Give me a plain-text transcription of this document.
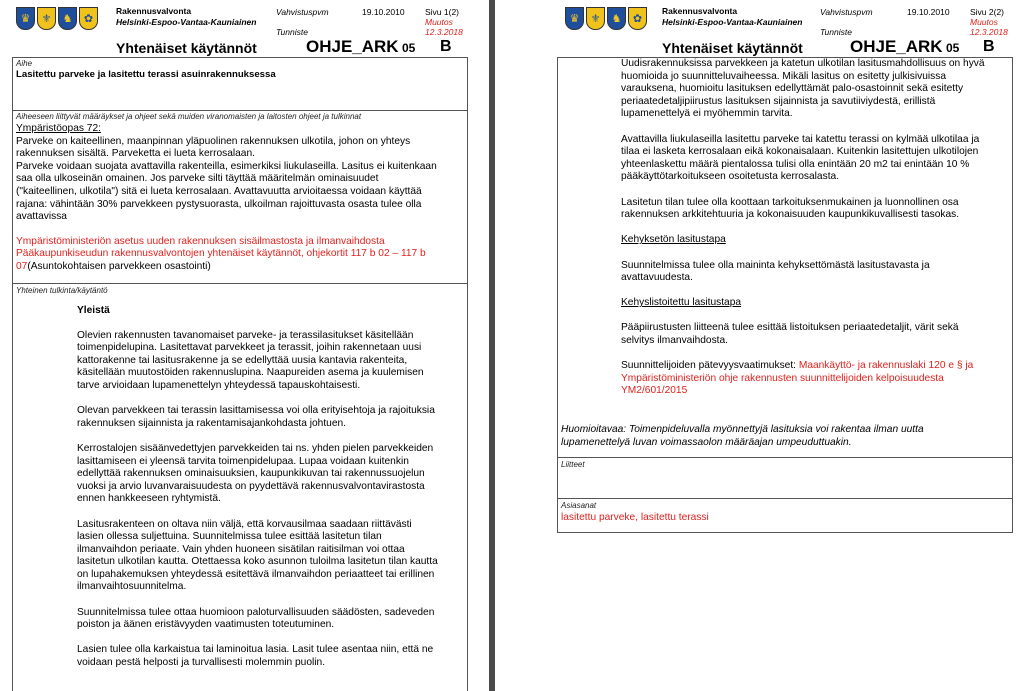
♛	⚜	♞	✿
Rakennusvalvonta
Helsinki-Espoo-Vantaa-Kauniainen
Vahvistuspvm	19.10.2010 Sivu 1(2)
Muutos
12.3.2018
Tunniste
Yhtenäiset käytännöt	OHJE_ARK 05 B
Aihe
Lasitettu parveke ja lasitettu terassi asuinrakennuksessa
Aiheeseen liittyvät määräykset ja ohjeet sekä muiden viranomaisten ja laitosten ohjeet ja tulkinnat
Ympäristöopas 72:
Parveke on kaiteellinen, maanpinnan yläpuolinen rakennuksen ulkotila, johon on yhteys
rakennuksen sisältä. Parveketta ei lueta kerrosalaan.
Parveke voidaan suojata avattavilla rakenteilla, esimerkiksi liukulaseilla. Lasitus ei kuitenkaan
saa olla ulkoseinän omainen. Jos parveke silti täyttää määritelmän ominaisuudet
("kaiteellinen, ulkotila") sitä ei lueta kerrosalaan. Avattavuutta arvioitaessa voidaan käyttää
rajana: vähintään 30% parvekkeen pystysuorasta, ulkoilman rajoittuvasta osasta tulee olla
avattavissa
Ympäristöministeriön asetus uuden rakennuksen sisäilmastosta ja ilmanvaihdosta
Pääkaupunkiseudun rakennusvalvontojen yhtenäiset käytännöt, ohjekortit 117 b 02 – 117 b
07(Asuntokohtaisen parvekkeen osastointi)
Yhteinen tulkinta/käytäntö

Yleistä

Olevien rakennusten tavanomaiset parveke- ja terassilasitukset käsitellään
toimenpidelupina. Lasitettavat parvekkeet ja terassit, joihin rakennetaan uusi
kattorakenne tai lasitusrakenne ja se edellyttää uusia kantavia rakenteita,
käsitellään muutostöiden rakennuslupina. Naapureiden asema ja kuulemisen
tarve arvioidaan lupamenettelyn yhteydessä tapauskohtaisesti.

Olevan parvekkeen tai terassin lasittamisessa voi olla erityisehtoja ja rajoituksia
rakennuksen sijainnista ja rakentamisajankohdasta johtuen.

Kerrostalojen sisäänvedettyjen parvekkeiden tai ns. yhden pielen parvekkeiden
lasittamiseen ei yleensä tarvita toimenpidelupaa. Lupaa voidaan kuitenkin
edellyttää rakennuksen ominaisuuksien, kaupunkikuvan tai rakennussuojelun
vuoksi ja arvio luvanvaraisuudesta on pyydettävä rakennusvalvontavirastosta
ennen hankkeeseen ryhtymistä.

Lasitusrakenteen on oltava niin väljä, että korvausilmaa saadaan riittävästi
lasien ollessa suljettuina. Suunnitelmissa tulee esittää lasitetun tilan
ilmanvaihdon periaate. Vain yhden huoneen sisätilan raitisilman voi ottaa
lasitetun ulkotilan kautta. Otettaessa koko asunnon tuloilma lasitetun tilan kautta
on lupahakemuksen yhteydessä esitettävä ilmanvaihdon periaatteet tai erillinen
ilmanvaihtosuunnitelma.

Suunnitelmissa tulee ottaa huomioon paloturvallisuuden säädösten, sadeveden
poiston ja äänen eristävyyden vaatimusten toteutuminen.

Lasien tulee olla karkaistua tai laminoitua lasia. Lasit tulee asentaa niin, että ne
voidaan pestä helposti ja turvallisesti molemmin puolin.

♛	⚜	♞	✿
Rakennusvalvonta
Helsinki-Espoo-Vantaa-Kauniainen
Vahvistuspvm	19.10.2010 Sivu 2(2)
Muutos
12.3.2018
Tunniste
Yhtenäiset käytännöt	OHJE_ARK 05 B

Uudisrakennuksissa parvekkeen ja katetun ulkotilan lasitusmahdollisuus on hyvä
huomioida jo suunnitteluvaiheessa. Mikäli lasitus on esitetty julkisivuissa
varauksena, huomioitu lasituksen edellyttämät palo-osastoinnit sekä esitetty
periaatedetaljipiirustus lasituksen sijainnista ja savutiiviydestä, erillistä
lupamenettelyä ei myöhemmin tarvita.

Avattavilla liukulaseilla lasitettu parveke tai katettu terassi on kylmää ulkotilaa ja
tilaa ei lasketa kerrosalaan eikä kokonaisalaan. Kuitenkin lasitettujen ulkotilojen
yhteenlaskettu määrä pientalossa tulisi olla enintään 20 m2 tai enintään 10 %
pääkäyttötarkoitukseen osoitetusta kerrosalasta.

Lasitetun tilan tulee olla koottaan tarkoituksenmukainen ja luonnollinen osa
rakennuksen arkkitehtuuria ja kokonaisuuden kaupunkikuvallisesti tasokas.

Kehyksetön lasitustapa

Suunnitelmissa tulee olla maininta kehyksettömästä lasitustavasta ja
avattavuudesta.

Kehyslistoitettu lasitustapa

Pääpiirustusten liitteenä tulee esittää listoituksen periaatedetaljit, värit sekä
selvitys ilmanvaihdosta.

Suunnittelijoiden pätevyysvaatimukset: Maankäyttö- ja rakennuslaki 120 e § ja
Ympäristöministeriön ohje rakennusten suunnittelijoiden kelpoisuudesta
YM2/601/2015

Huomioitavaa: Toimenpideluvalla myönnettyjä lasituksia voi rakentaa ilman uutta
lupamenettelyä luvan voimassaolon määräajan umpeuduttuakin.
Liitteet
Asiasanat
lasitettu parveke, lasitettu terassi
